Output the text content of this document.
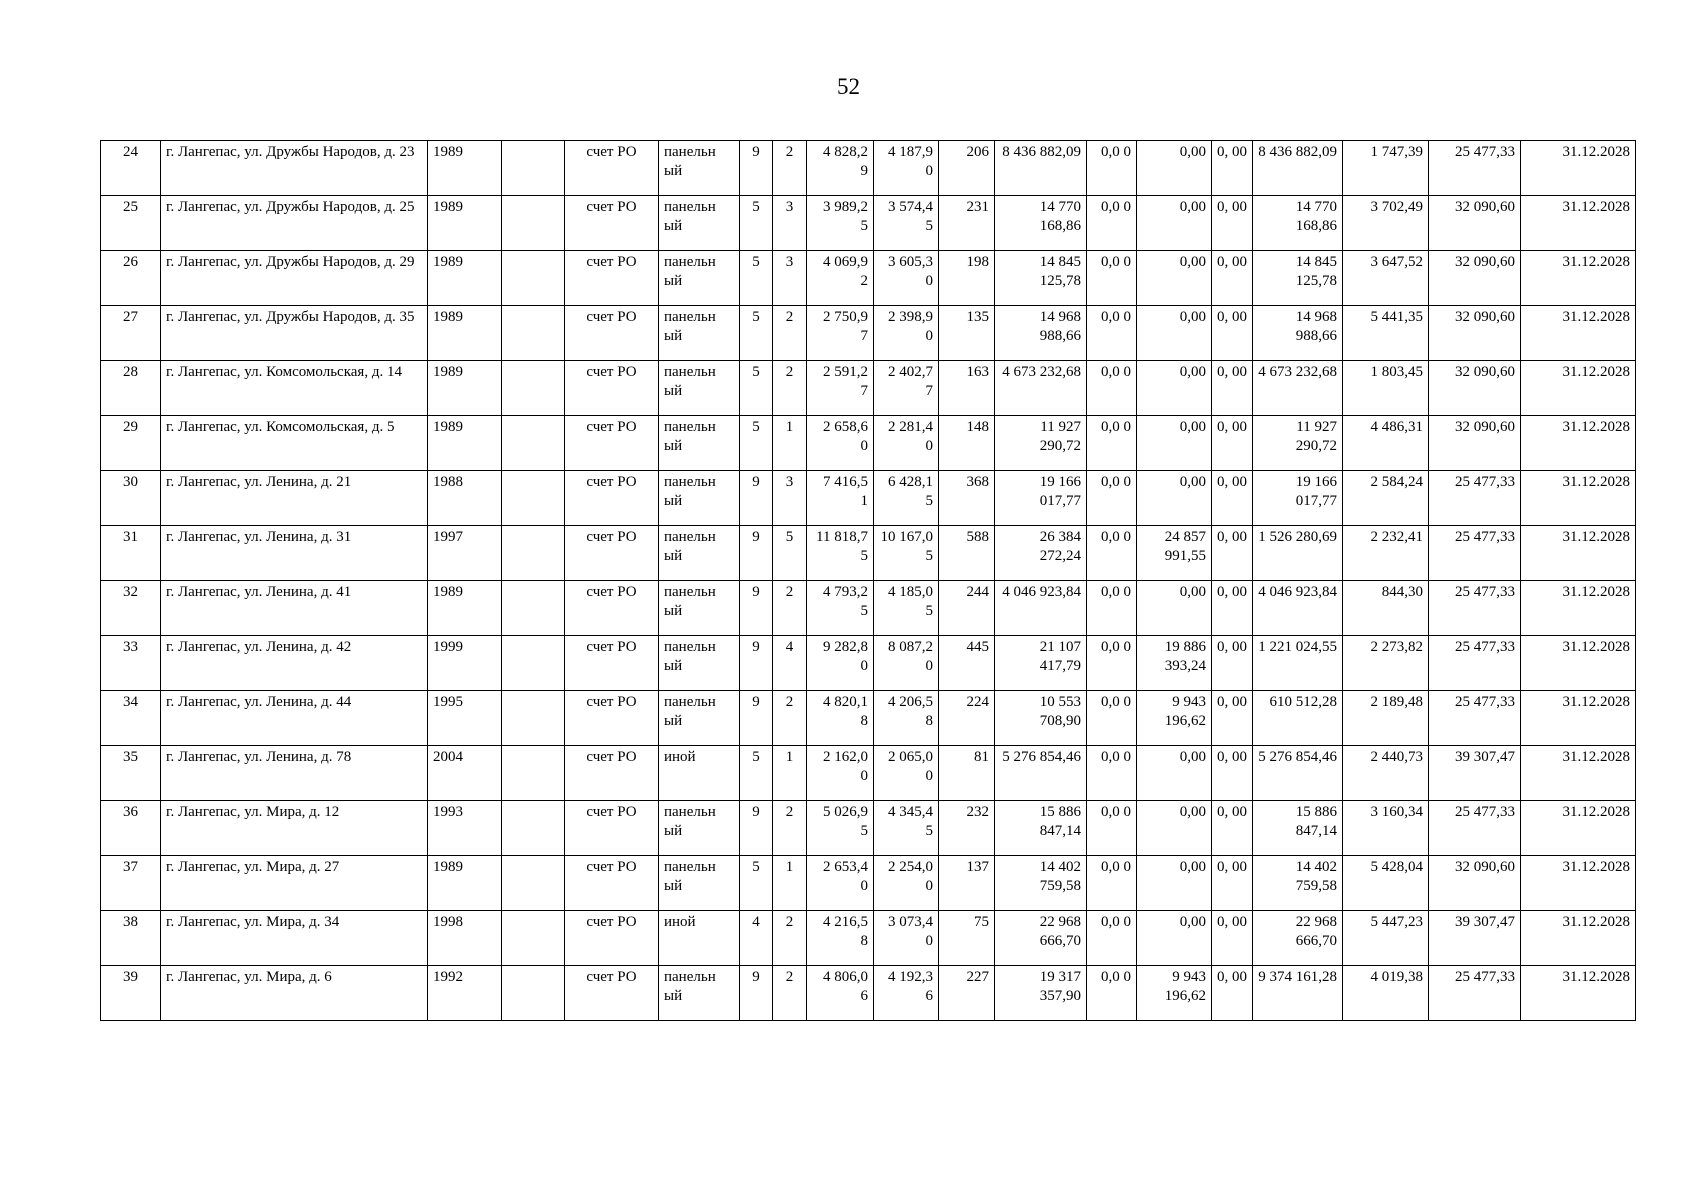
52
24	г. Лангепас, ул. Дружбы Народов, д. 23	1989		счет РО	панельн ый	9	2	4 828,2 9	4 187,9 0	206	8 436 882,09	0,0 0	0,00	0, 00	8 436 882,09	1 747,39	25 477,33	31.12.2028
25	г. Лангепас, ул. Дружбы Народов, д. 25	1989		счет РО	панельн ый	5	3	3 989,2 5	3 574,4 5	231	14 770 168,86	0,0 0	0,00	0, 00	14 770 168,86	3 702,49	32 090,60	31.12.2028
26	г. Лангепас, ул. Дружбы Народов, д. 29	1989		счет РО	панельн ый	5	3	4 069,9 2	3 605,3 0	198	14 845 125,78	0,0 0	0,00	0, 00	14 845 125,78	3 647,52	32 090,60	31.12.2028
27	г. Лангепас, ул. Дружбы Народов, д. 35	1989		счет РО	панельн ый	5	2	2 750,9 7	2 398,9 0	135	14 968 988,66	0,0 0	0,00	0, 00	14 968 988,66	5 441,35	32 090,60	31.12.2028
28	г. Лангепас, ул. Комсомольская, д. 14	1989		счет РО	панельн ый	5	2	2 591,2 7	2 402,7 7	163	4 673 232,68	0,0 0	0,00	0, 00	4 673 232,68	1 803,45	32 090,60	31.12.2028
29	г. Лангепас, ул. Комсомольская, д. 5	1989		счет РО	панельн ый	5	1	2 658,6 0	2 281,4 0	148	11 927 290,72	0,0 0	0,00	0, 00	11 927 290,72	4 486,31	32 090,60	31.12.2028
30	г. Лангепас, ул. Ленина, д. 21	1988		счет РО	панельн ый	9	3	7 416,5 1	6 428,1 5	368	19 166 017,77	0,0 0	0,00	0, 00	19 166 017,77	2 584,24	25 477,33	31.12.2028
31	г. Лангепас, ул. Ленина, д. 31	1997		счет РО	панельн ый	9	5	11 818,7 5	10 167,0 5	588	26 384 272,24	0,0 0	24 857 991,55	0, 00	1 526 280,69	2 232,41	25 477,33	31.12.2028
32	г. Лангепас, ул. Ленина, д. 41	1989		счет РО	панельн ый	9	2	4 793,2 5	4 185,0 5	244	4 046 923,84	0,0 0	0,00	0, 00	4 046 923,84	844,30	25 477,33	31.12.2028
33	г. Лангепас, ул. Ленина, д. 42	1999		счет РО	панельн ый	9	4	9 282,8 0	8 087,2 0	445	21 107 417,79	0,0 0	19 886 393,24	0, 00	1 221 024,55	2 273,82	25 477,33	31.12.2028
34	г. Лангепас, ул. Ленина, д. 44	1995		счет РО	панельн ый	9	2	4 820,1 8	4 206,5 8	224	10 553 708,90	0,0 0	9 943 196,62	0, 00	610 512,28	2 189,48	25 477,33	31.12.2028
35	г. Лангепас, ул. Ленина, д. 78	2004		счет РО	иной	5	1	2 162,0 0	2 065,0 0	81	5 276 854,46	0,0 0	0,00	0, 00	5 276 854,46	2 440,73	39 307,47	31.12.2028
36	г. Лангепас, ул. Мира, д. 12	1993		счет РО	панельн ый	9	2	5 026,9 5	4 345,4 5	232	15 886 847,14	0,0 0	0,00	0, 00	15 886 847,14	3 160,34	25 477,33	31.12.2028
37	г. Лангепас, ул. Мира, д. 27	1989		счет РО	панельн ый	5	1	2 653,4 0	2 254,0 0	137	14 402 759,58	0,0 0	0,00	0, 00	14 402 759,58	5 428,04	32 090,60	31.12.2028
38	г. Лангепас, ул. Мира, д. 34	1998		счет РО	иной	4	2	4 216,5 8	3 073,4 0	75	22 968 666,70	0,0 0	0,00	0, 00	22 968 666,70	5 447,23	39 307,47	31.12.2028
39	г. Лангепас, ул. Мира, д. 6	1992		счет РО	панельн ый	9	2	4 806,0 6	4 192,3 6	227	19 317 357,90	0,0 0	9 943 196,62	0, 00	9 374 161,28	4 019,38	25 477,33	31.12.2028
